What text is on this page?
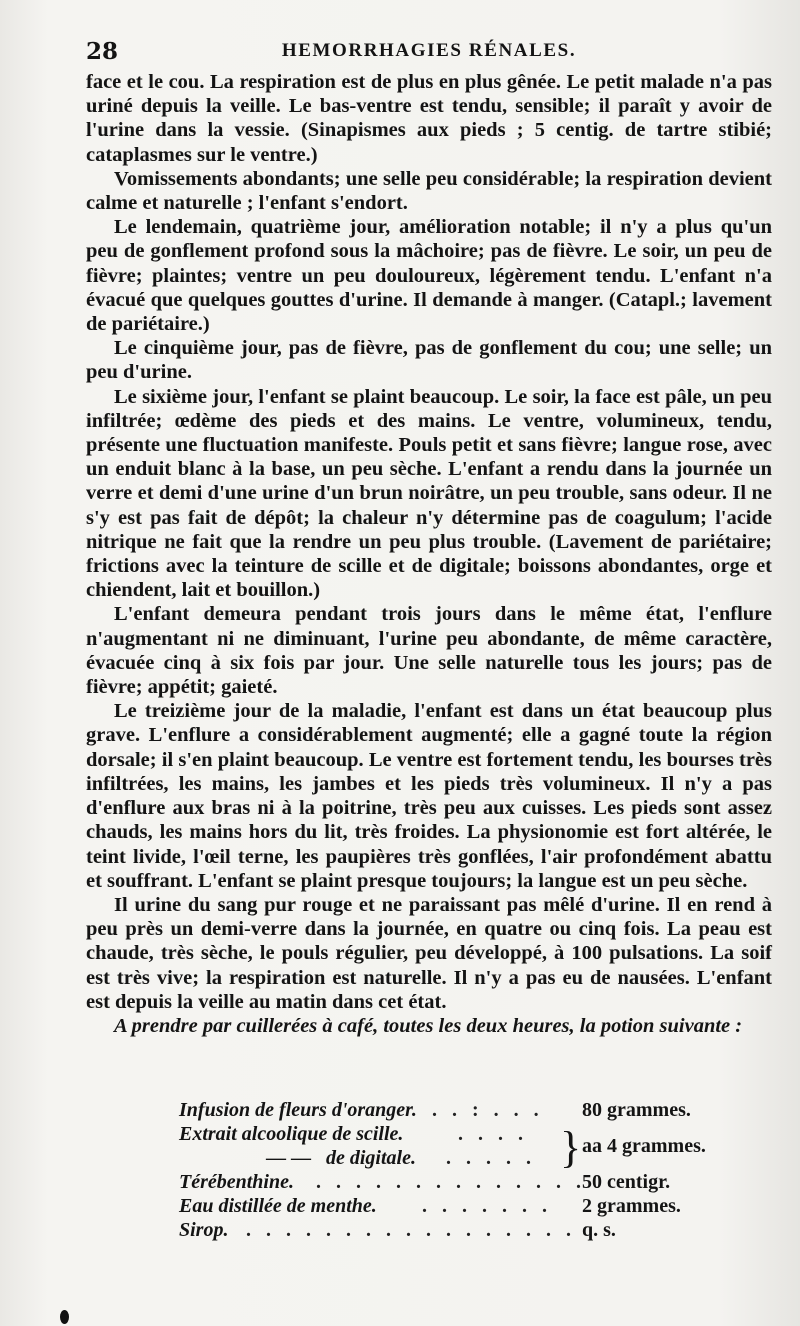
28	HEMORRHAGIES RÉNALES.

face et le cou. La respiration est de plus en plus gênée. Le petit malade n'a pas uriné depuis la veille. Le bas-ventre est tendu, sensible; il paraît y avoir de l'urine dans la vessie. (Sinapismes aux pieds ; 5 centig. de tartre stibié; cataplasmes sur le ventre.)

Vomissements abondants; une selle peu considérable; la respiration devient calme et naturelle ; l'enfant s'endort.

Le lendemain, quatrième jour, amélioration notable; il n'y a plus qu'un peu de gonflement profond sous la mâchoire; pas de fièvre. Le soir, un peu de fièvre; plaintes; ventre un peu douloureux, légèrement tendu. L'enfant n'a évacué que quelques gouttes d'urine. Il demande à manger. (Catapl.; lavement de pariétaire.)

Le cinquième jour, pas de fièvre, pas de gonflement du cou; une selle; un peu d'urine.

Le sixième jour, l'enfant se plaint beaucoup. Le soir, la face est pâle, un peu infiltrée; œdème des pieds et des mains. Le ventre, volumineux, tendu, présente une fluctuation manifeste. Pouls petit et sans fièvre; langue rose, avec un enduit blanc à la base, un peu sèche. L'enfant a rendu dans la journée un verre et demi d'une urine d'un brun noirâtre, un peu trouble, sans odeur. Il ne s'y est pas fait de dépôt; la chaleur n'y détermine pas de coagulum; l'acide nitrique ne fait que la rendre un peu plus trouble. (Lavement de pariétaire; frictions avec la teinture de scille et de digitale; boissons abondantes, orge et chiendent, lait et bouillon.)

L'enfant demeura pendant trois jours dans le même état, l'enflure n'augmentant ni ne diminuant, l'urine peu abondante, de même caractère, évacuée cinq à six fois par jour. Une selle naturelle tous les jours; pas de fièvre; appétit; gaieté.

Le treizième jour de la maladie, l'enfant est dans un état beaucoup plus grave. L'enflure a considérablement augmenté; elle a gagné toute la région dorsale; il s'en plaint beaucoup. Le ventre est fortement tendu, les bourses très infiltrées, les mains, les jambes et les pieds très volumineux. Il n'y a pas d'enflure aux bras ni à la poitrine, très peu aux cuisses. Les pieds sont assez chauds, les mains hors du lit, très froides. La physionomie est fort altérée, le teint livide, l'œil terne, les paupières très gonflées, l'air profondément abattu et souffrant. L'enfant se plaint presque toujours; la langue est un peu sèche.

Il urine du sang pur rouge et ne paraissant pas mêlé d'urine. Il en rend à peu près un demi-verre dans la journée, en quatre ou cinq fois. La peau est chaude, très sèche, le pouls régulier, peu développé, à 100 pulsations. La soif est très vive; la respiration est naturelle. Il n'y a pas eu de nausées. L'enfant est depuis la veille au matin dans cet état.

A prendre par cuillerées à café, toutes les deux heures, la potion suivante :

Infusion de fleurs d'oranger. . . : . . . 80 grammes.
Extrait alcoolique de scille.	. . . . } aa 4 grammes.
— — de digitale. . . . . .
Térébenthine. . . . . . . . . . . . . . .
50 centigr.
Eau distillée de menthe. . . . . . . . 2 grammes.
Sirop. . . . . . . . . . . . . . . . . . q. s.
